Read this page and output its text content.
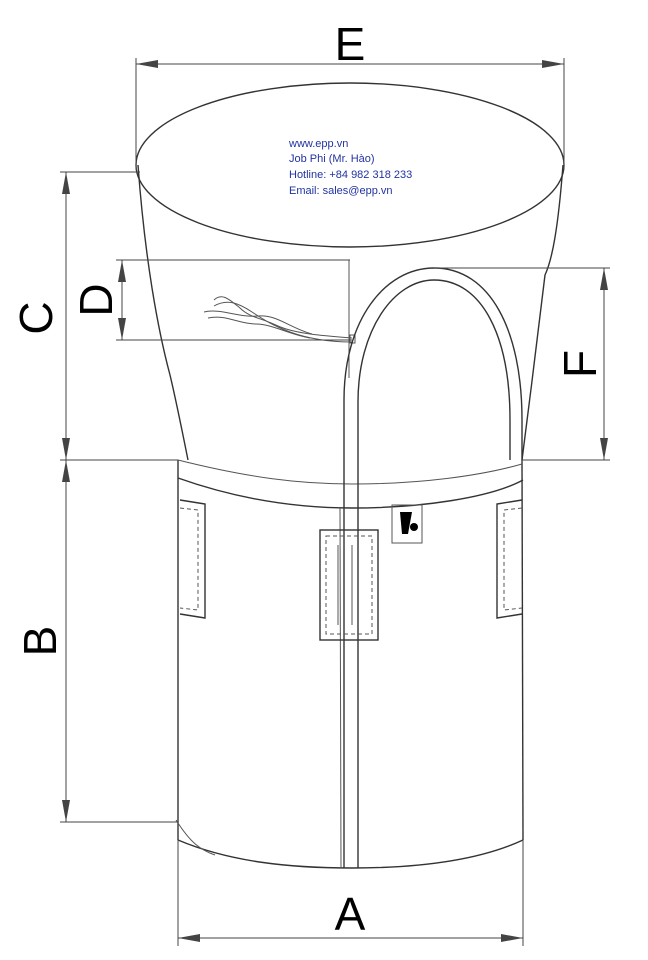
E
A
C
D
B
F
www.epp.vn
Job Phi (Mr. Hào)
Hotline: +84 982 318 233
Email: sales@epp.vn
